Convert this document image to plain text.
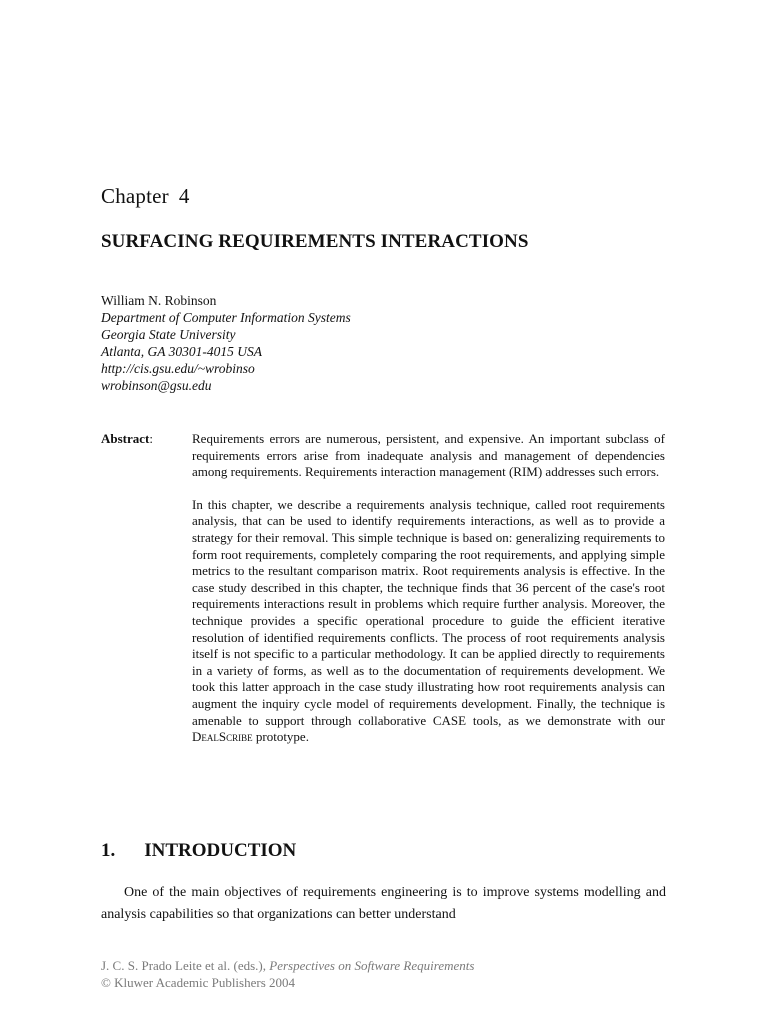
Chapter 4
SURFACING REQUIREMENTS INTERACTIONS
William N. Robinson
Department of Computer Information Systems
Georgia State University
Atlanta, GA 30301-4015 USA
http://cis.gsu.edu/~wrobinso
wrobinson@gsu.edu
Abstract:	Requirements errors are numerous, persistent, and expensive. An important subclass of requirements errors arise from inadequate analysis and management of dependencies among requirements. Requirements interaction management (RIM) addresses such errors.

In this chapter, we describe a requirements analysis technique, called root requirements analysis, that can be used to identify requirements interactions, as well as to provide a strategy for their removal. This simple technique is based on: generalizing requirements to form root requirements, completely comparing the root requirements, and applying simple metrics to the resultant comparison matrix. Root requirements analysis is effective. In the case study described in this chapter, the technique finds that 36 percent of the case's root requirements interactions result in problems which require further analysis. Moreover, the technique provides a specific operational procedure to guide the efficient iterative resolution of identified requirements conflicts. The process of root requirements analysis itself is not specific to a particular methodology. It can be applied directly to requirements in a variety of forms, as well as to the documentation of requirements development. We took this latter approach in the case study illustrating how root requirements analysis can augment the inquiry cycle model of requirements development. Finally, the technique is amenable to support through collaborative CASE tools, as we demonstrate with our DealScribe prototype.

1. INTRODUCTION
One of the main objectives of requirements engineering is to improve systems modelling and analysis capabilities so that organizations can better understand
J. C. S. Prado Leite et al. (eds.), Perspectives on Software Requirements
© Kluwer Academic Publishers 2004
